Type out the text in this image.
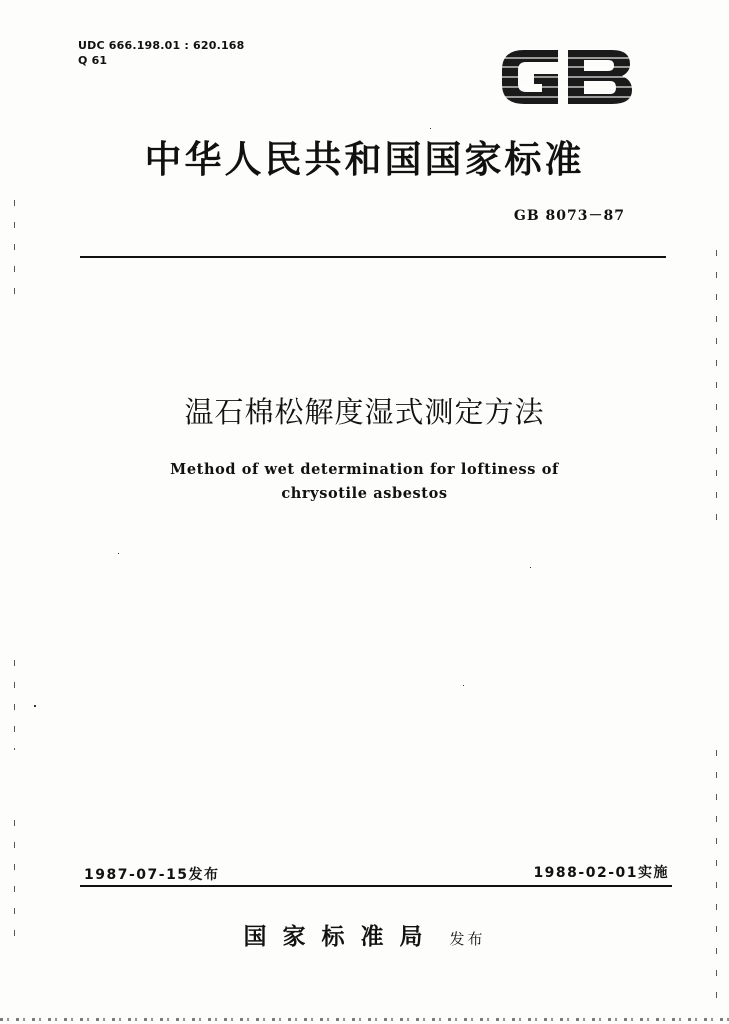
UDC 666.198.01 : 620.168
Q 61
中华人民共和国国家标准
GB 8073－87
温石棉松解度湿式测定方法
Method of wet determination for loftiness of
chrysotile asbestos
1987-07-15发布	1988-02-01实施
国家标准局 发布
